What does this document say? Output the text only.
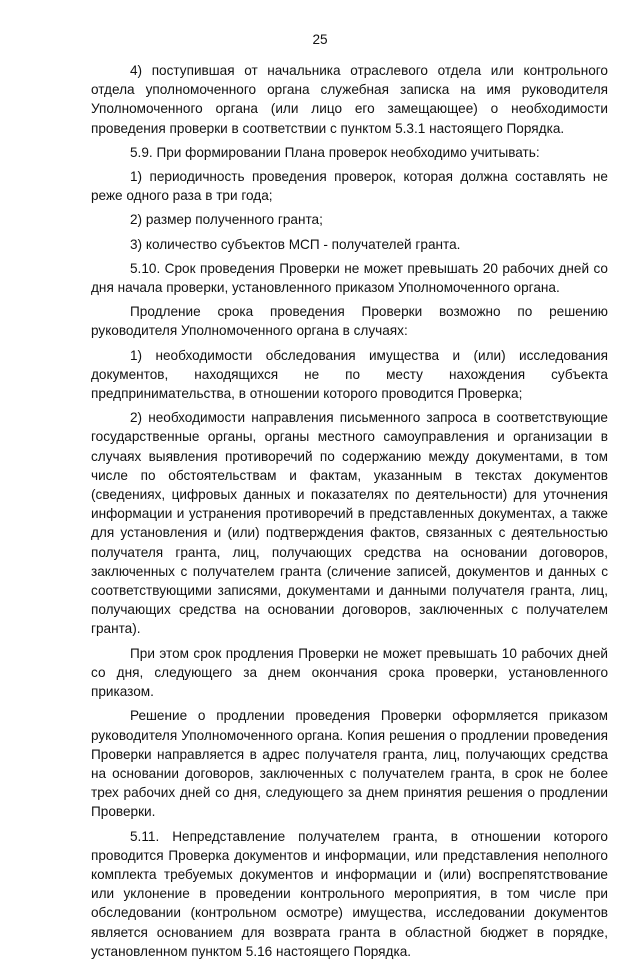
25

4) поступившая от начальника отраслевого отдела или контрольного отдела уполномоченного органа служебная записка на имя руководителя Уполномоченного органа (или лицо его замещающее) о необходимости проведения проверки в соответствии с пунктом 5.3.1 настоящего Порядка.

5.9. При формировании Плана проверок необходимо учитывать:

1) периодичность проведения проверок, которая должна составлять не реже одного раза в три года;

2) размер полученного гранта;

3) количество субъектов МСП - получателей гранта.

5.10. Срок проведения Проверки не может превышать 20 рабочих дней со дня начала проверки, установленного приказом Уполномоченного органа.

Продление срока проведения Проверки возможно по решению руководителя Уполномоченного органа в случаях:

1) необходимости обследования имущества и (или) исследования документов, находящихся не по месту нахождения субъекта предпринимательства, в отношении которого проводится Проверка;

2) необходимости направления письменного запроса в соответствующие государственные органы, органы местного самоуправления и организации в случаях выявления противоречий по содержанию между документами, в том числе по обстоятельствам и фактам, указанным в текстах документов (сведениях, цифровых данных и показателях по деятельности) для уточнения информации и устранения противоречий в представленных документах, а также для установления и (или) подтверждения фактов, связанных с деятельностью получателя гранта, лиц, получающих средства на основании договоров, заключенных с получателем гранта (сличение записей, документов и данных с соответствующими записями, документами и данными получателя гранта, лиц, получающих средства на основании договоров, заключенных с получателем гранта).

При этом срок продления Проверки не может превышать 10 рабочих дней со дня, следующего за днем окончания срока проверки, установленного приказом.

Решение о продлении проведения Проверки оформляется приказом руководителя Уполномоченного органа. Копия решения о продлении проведения Проверки направляется в адрес получателя гранта, лиц, получающих средства на основании договоров, заключенных с получателем гранта, в срок не более трех рабочих дней со дня, следующего за днем принятия решения о продлении Проверки.

5.11. Непредставление получателем гранта, в отношении которого проводится Проверка документов и информации, или представления неполного комплекта требуемых документов и информации и (или) воспрепятствование или уклонение в проведении контрольного мероприятия, в том числе при обследовании (контрольном осмотре) имущества, исследовании документов является основанием для возврата гранта в областной бюджет в порядке, установленном пунктом 5.16 настоящего Порядка.
